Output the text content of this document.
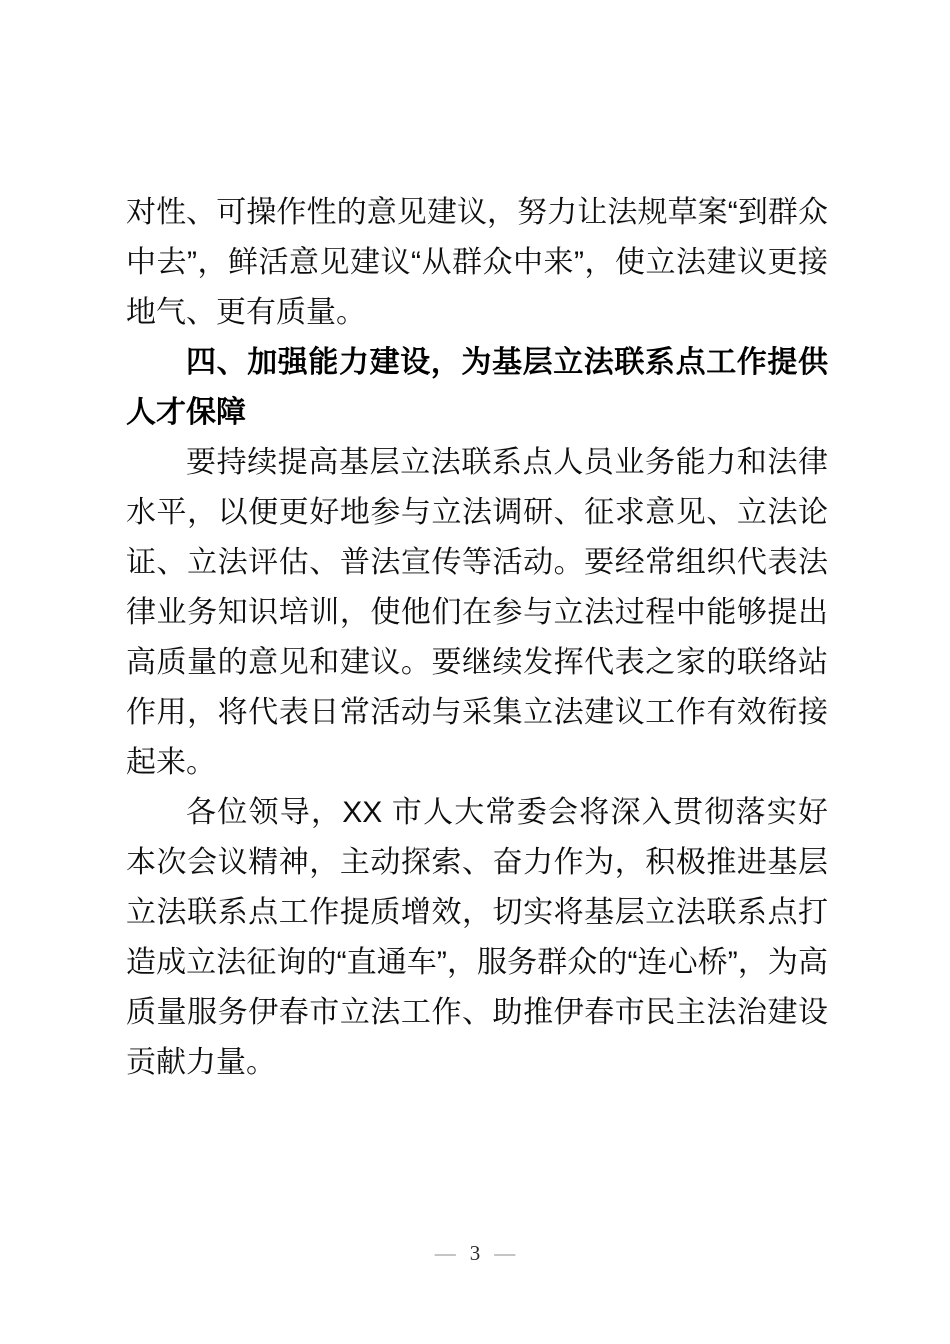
对性、可操作性的意见建议，努力让法规草案“到群众中去”，鲜活意见建议“从群众中来”，使立法建议更接地气、更有质量。

四、加强能力建设，为基层立法联系点工作提供人才保障

要持续提高基层立法联系点人员业务能力和法律水平，以便更好地参与立法调研、征求意见、立法论证、立法评估、普法宣传等活动。要经常组织代表法律业务知识培训，使他们在参与立法过程中能够提出高质量的意见和建议。要继续发挥代表之家的联络站作用，将代表日常活动与采集立法建议工作有效衔接起来。

各位领导，XX 市人大常委会将深入贯彻落实好本次会议精神，主动探索、奋力作为，积极推进基层立法联系点工作提质增效，切实将基层立法联系点打造成立法征询的“直通车”，服务群众的“连心桥”，为高质量服务伊春市立法工作、助推伊春市民主法治建设贡献力量。

— 3 —
